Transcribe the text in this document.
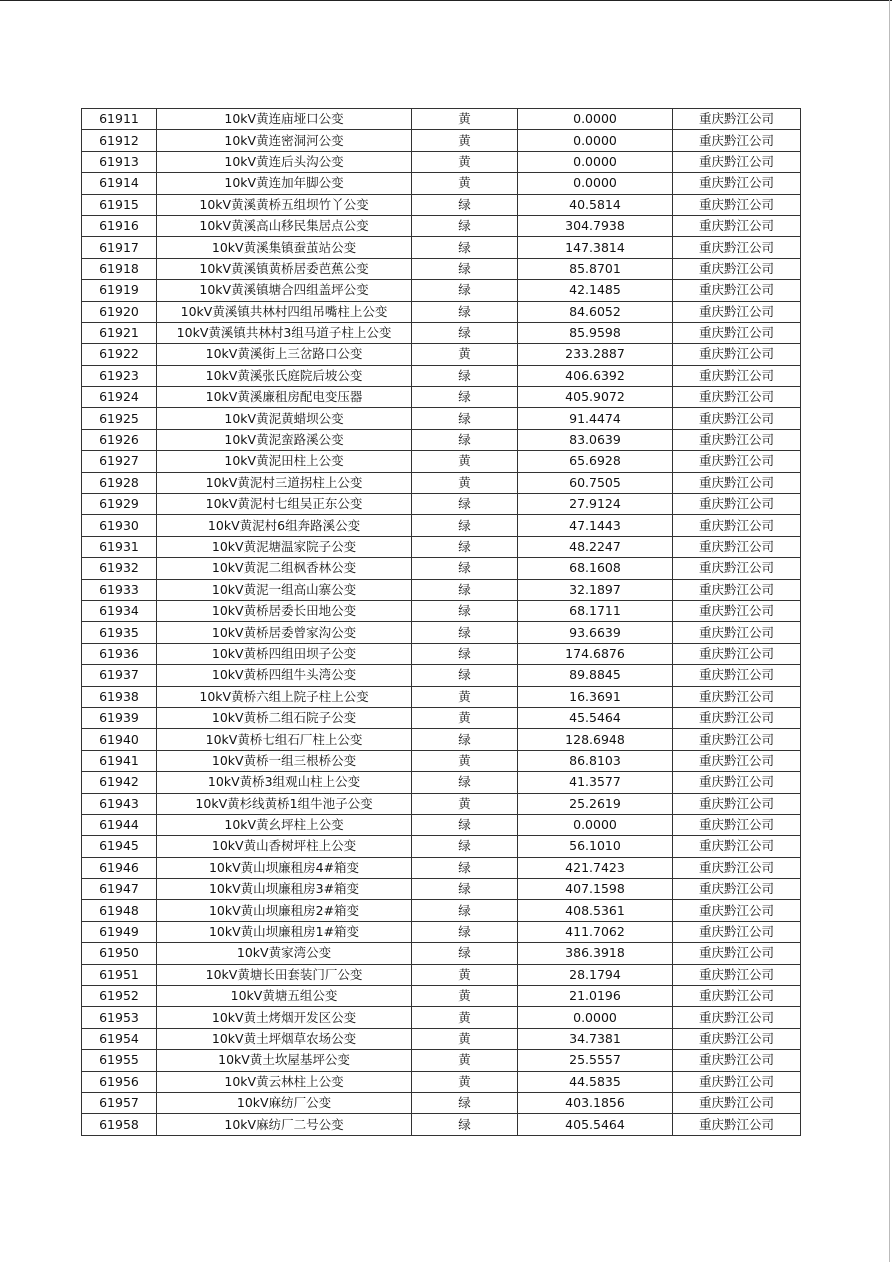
61911	10kV黄连庙垭口公变	黄	0.0000	重庆黔江公司
61912	10kV黄连密洞河公变	黄	0.0000	重庆黔江公司
61913	10kV黄连后头沟公变	黄	0.0000	重庆黔江公司
61914	10kV黄连加年脚公变	黄	0.0000	重庆黔江公司
61915	10kV黄溪黄桥五组坝竹丫公变	绿	40.5814	重庆黔江公司
61916	10kV黄溪高山移民集居点公变	绿	304.7938	重庆黔江公司
61917	10kV黄溪集镇蚕茧站公变	绿	147.3814	重庆黔江公司
61918	10kV黄溪镇黄桥居委芭蕉公变	绿	85.8701	重庆黔江公司
61919	10kV黄溪镇塘合四组盖坪公变	绿	42.1485	重庆黔江公司
61920	10kV黄溪镇共林村四组吊嘴柱上公变	绿	84.6052	重庆黔江公司
61921	10kV黄溪镇共林村3组马道子柱上公变	绿	85.9598	重庆黔江公司
61922	10kV黄溪街上三岔路口公变	黄	233.2887	重庆黔江公司
61923	10kV黄溪张氏庭院后坡公变	绿	406.6392	重庆黔江公司
61924	10kV黄溪廉租房配电变压器	绿	405.9072	重庆黔江公司
61925	10kV黄泥黄蜡坝公变	绿	91.4474	重庆黔江公司
61926	10kV黄泥蛮路溪公变	绿	83.0639	重庆黔江公司
61927	10kV黄泥田柱上公变	黄	65.6928	重庆黔江公司
61928	10kV黄泥村三道拐柱上公变	黄	60.7505	重庆黔江公司
61929	10kV黄泥村七组吴正东公变	绿	27.9124	重庆黔江公司
61930	10kV黄泥村6组奔路溪公变	绿	47.1443	重庆黔江公司
61931	10kV黄泥塘温家院子公变	绿	48.2247	重庆黔江公司
61932	10kV黄泥二组枫香林公变	绿	68.1608	重庆黔江公司
61933	10kV黄泥一组高山寨公变	绿	32.1897	重庆黔江公司
61934	10kV黄桥居委长田地公变	绿	68.1711	重庆黔江公司
61935	10kV黄桥居委曾家沟公变	绿	93.6639	重庆黔江公司
61936	10kV黄桥四组田坝子公变	绿	174.6876	重庆黔江公司
61937	10kV黄桥四组牛头湾公变	绿	89.8845	重庆黔江公司
61938	10kV黄桥六组上院子柱上公变	黄	16.3691	重庆黔江公司
61939	10kV黄桥二组石院子公变	黄	45.5464	重庆黔江公司
61940	10kV黄桥七组石厂柱上公变	绿	128.6948	重庆黔江公司
61941	10kV黄桥一组三根桥公变	黄	86.8103	重庆黔江公司
61942	10kV黄桥3组观山柱上公变	绿	41.3577	重庆黔江公司
61943	10kV黄杉线黄桥1组牛池子公变	黄	25.2619	重庆黔江公司
61944	10kV黄幺坪柱上公变	绿	0.0000	重庆黔江公司
61945	10kV黄山香树坪柱上公变	绿	56.1010	重庆黔江公司
61946	10kV黄山坝廉租房4#箱变	绿	421.7423	重庆黔江公司
61947	10kV黄山坝廉租房3#箱变	绿	407.1598	重庆黔江公司
61948	10kV黄山坝廉租房2#箱变	绿	408.5361	重庆黔江公司
61949	10kV黄山坝廉租房1#箱变	绿	411.7062	重庆黔江公司
61950	10kV黄家湾公变	绿	386.3918	重庆黔江公司
61951	10kV黄塘长田套装门厂公变	黄	28.1794	重庆黔江公司
61952	10kV黄塘五组公变	黄	21.0196	重庆黔江公司
61953	10kV黄土烤烟开发区公变	黄	0.0000	重庆黔江公司
61954	10kV黄土坪烟草农场公变	黄	34.7381	重庆黔江公司
61955	10kV黄土坎屋基坪公变	黄	25.5557	重庆黔江公司
61956	10kV黄云林柱上公变	黄	44.5835	重庆黔江公司
61957	10kV麻纺厂公变	绿	403.1856	重庆黔江公司
61958	10kV麻纺厂二号公变	绿	405.5464	重庆黔江公司
